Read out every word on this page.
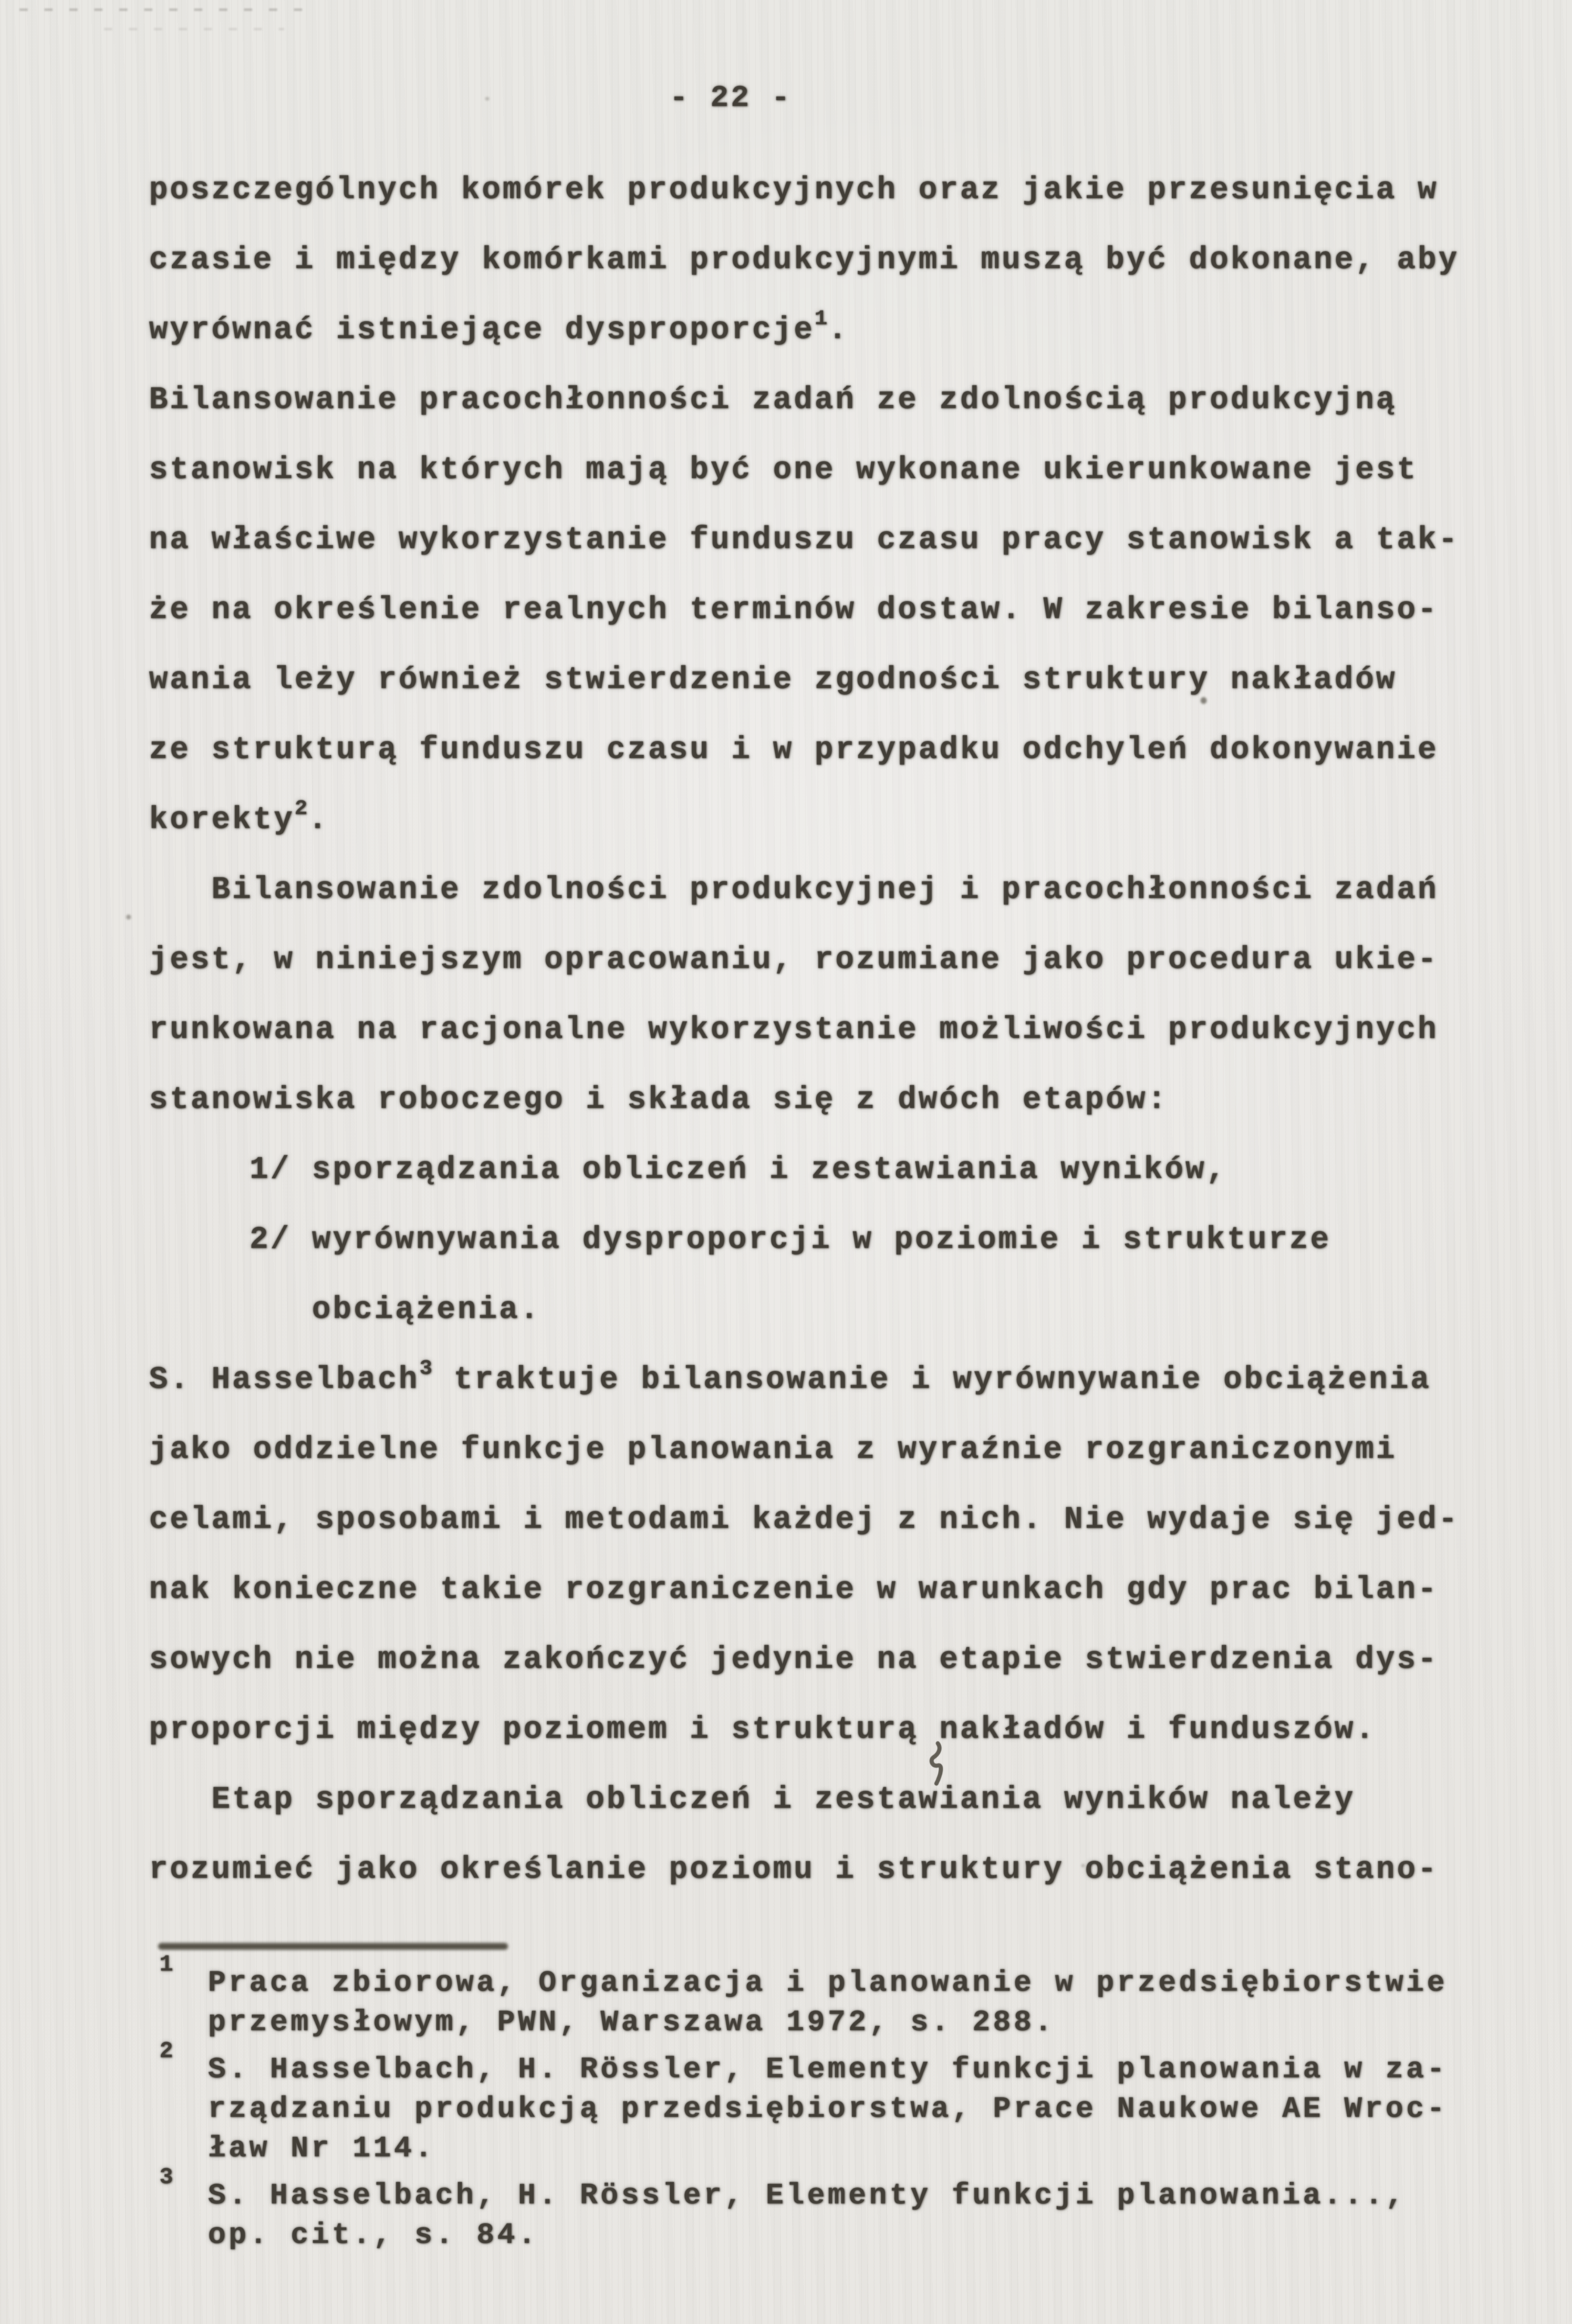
- 22 -
poszczególnych komórek produkcyjnych oraz jakie przesunięcia w
czasie i między komórkami produkcyjnymi muszą być dokonane, aby
wyrównać istniejące dysproporcje$^1$.
Bilansowanie pracochłonności zadań ze zdolnością produkcyjną
stanowisk na których mają być one wykonane ukierunkowane jest
na właściwe wykorzystanie funduszu czasu pracy stanowisk a tak-
że na określenie realnych terminów dostaw. W zakresie bilanso-
wania leży również stwierdzenie zgodności struktury nakładów
ze strukturą funduszu czasu i w przypadku odchyleń dokonywanie
korekty$^2$.
Bilansowanie zdolności produkcyjnej i pracochłonności zadań
jest, w niniejszym opracowaniu, rozumiane jako procedura ukie-
runkowana na racjonalne wykorzystanie możliwości produkcyjnych
stanowiska roboczego i składa się z dwóch etapów:
1/ sporządzania obliczeń i zestawiania wyników,
2/ wyrównywania dysproporcji w poziomie i strukturze
obciążenia.
S. Hasselbach$^3$ traktuje bilansowanie i wyrównywanie obciążenia
jako oddzielne funkcje planowania z wyraźnie rozgraniczonymi
celami, sposobami i metodami każdej z nich. Nie wydaje się jed-
nak konieczne takie rozgraniczenie w warunkach gdy prac bilan-
sowych nie można zakończyć jedynie na etapie stwierdzenia dys-
proporcji między poziomem i strukturą nakładów i funduszów.
Etap sporządzania obliczeń i zestawiania wyników należy
rozumieć jako określanie poziomu i struktury obciążenia stano-
1
Praca zbiorowa, Organizacja i planowanie w przedsiębiorstwie
przemysłowym, PWN, Warszawa 1972, s. 288.
2
S. Hasselbach, H. Rössler, Elementy funkcji planowania w za-
rządzaniu produkcją przedsiębiorstwa, Prace Naukowe AE Wroc-
ław Nr 114.
3
S. Hasselbach, H. Rössler, Elementy funkcji planowania...,
op. cit., s. 84.
